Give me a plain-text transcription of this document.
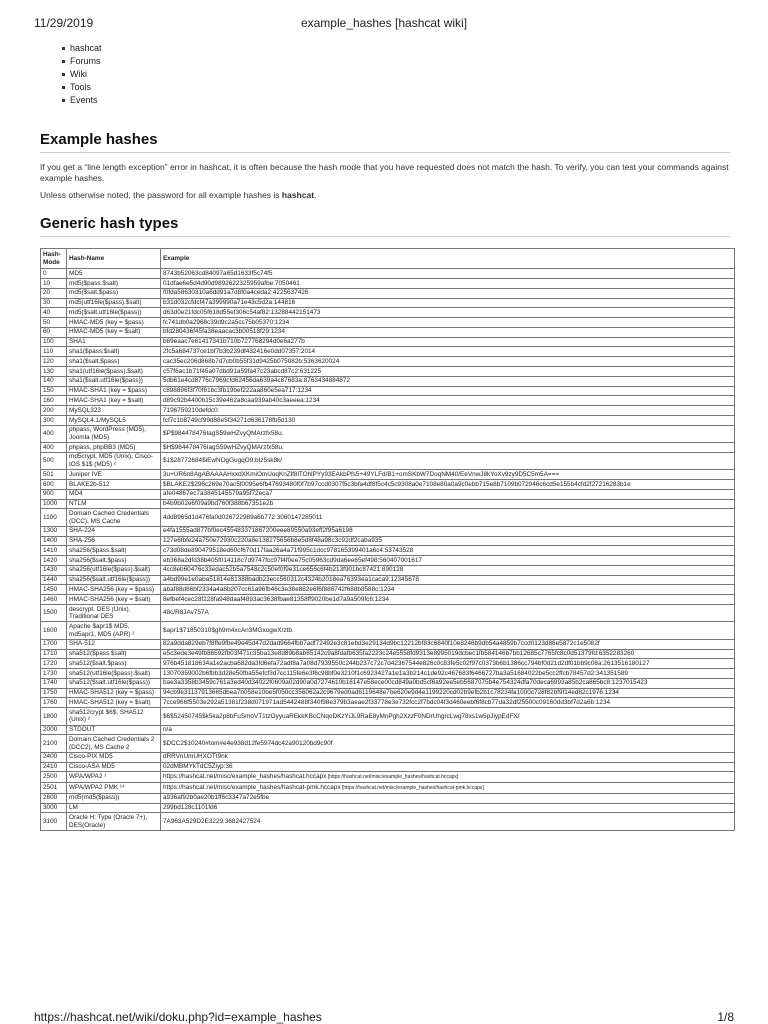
11/29/2019	example_hashes [hashcat wiki]
hashcat
Forums
Wiki
Tools
Events
Example hashes

If you get a “line length exception” error in hashcat, it is often because the hash mode that you have requested does not match the hash. To verify, you can test your commands against example hashes.

Unless otherwise noted, the password for all example hashes is hashcat.

Generic hash types
Hash-Mode	Hash-Name	Example
0	MD5	8743b52063cd84097a65d1633f5c74f5
10	md5($pass.$salt)	01dfae6e5d4d90d9892622325959afbe:7050461
20	md5($salt.$pass)	f0fda58630310a6dd91a7d8f0a4ceda2:4225637426
30	md5(utf16le($pass).$salt)	b31d032cfdcf47a399990a71e43c5d2a:144816
40	md5($salt.utf16le($pass))	d63d0e21fdc05f618d55ef306c54af82:13288442151473
50	HMAC-MD5 (key = $pass)	fc741db0a2968c39d9c2a5cc75b05370:1234
60	HMAC-MD5 (key = $salt)	bfd280436f45fa38eaacac3b00518f29:1234
100	SHA1	b89eaac7e61417341b710b727768294d0e6a277b
110	sha1($pass.$salt)	2fc5a684737ce1bf7b3b239df432416e0dd07357:2014
120	sha1($salt.$pass)	cac35ec206d868b7d7cb0b55f31d9425b075082b:5363620024
130	sha1(utf16le($pass).$salt)	c57f6ac1b71f45a07dbd91a59fa47c23abcd87c2:631225
140	sha1($salt.utf16le($pass))	5db61e4cd8776c7969cfd62456da639a4c87683a:8763434884872
150	HMAC-SHA1 (key = $pass)	c898896f3f70f61bc3fb19bef222aa860e5ea717:1234
160	HMAC-SHA1 (key = $salt)	d89c92b4400b15c39e462a8caa939ab40c3aeeea:1234
200	MySQL323	7196759210defdc0
300	MySQL4.1/MySQL5	fcf7c1b8749cf99d88e5f34271d636178fb5d130
400	phpass, WordPress (MD5), Joomla (MD5)	$P$984478476IagS59wHZvyQMArzfx58u.
400	phpass, phpBB3 (MD5)	$H$984478476IagS59wHZvyQMArzfx58u.
500	md5crypt, MD5 (Unix), Cisco-IOS $1$ (MD5) ²	$1$28772684$iEwNOgGugqO9.bIz5sk8k/
501	Juniper IVE	3u+UR6n8AgABAAAAHxxdXKmiOmUoqKnZlf8lTOhlPYy93EAkbPfs5+49YLFd/B1+omSKbW7DoqNM40/EeVnwJ8kYoXv9zy9D5C5m5A===
600	BLAKE2b-512	$BLAKE2$296c269e70ac5f0095e6fb47693480f0f7b97ccd0307f5c3bfa4df8f5c4c5c9308a0e7108e80a0a9c0ebb715e8b7109b072046c6cd5e155b4cfd2f27216283b1e
900	MD4	afe04867ec7a3845145579a95f72eca7
1000	NTLM	b4b9b02e6f09a9bd760f388b67351e2b
1100	Domain Cached Credentials (DCC), MS Cache	4dd8965d1d476fa0d026722989a6b772:3060147285011
1300	SHA-224	e4fa1555ad877bf0ec455483371867200eee89550a93eff2f95a6198
1400	SHA-256	127e6fbfe24a750e72930c220a8e138275656b8e5d8f48a98c3c92df2caba935
1410	sha256($pass.$salt)	c73d08de890479518ed60cf670d17faa26a4a71f995c1dcc978165399401a6c4:53743528
1420	sha256($salt.$pass)	eb368a2dfd38b405f014118c7d9747fcc97f4f0ee75c05963cd9da6ee65ef498:560407001617
1430	sha256(utf16le($pass).$salt)	4cc8eb60476c33edac52b5a7548c2c50ef0f9e31ce656c6f4b213f901bc87421:890128
1440	sha256($salt.utf16le($pass))	a4bd99e1e0aba51814e81388badb23ecc560312c4324b2018ea76393ea1caca9:12345678
1450	HMAC-SHA256 (key = $pass)	abaf88d66bf2334a4a8b207cc61a96fb46c3e38e882e6f6f886742f688b8588c:1234
1460	HMAC-SHA256 (key = $salt)	8efbef4cec28f228fa948daaf4893ac3638fbae81358ff9020be1d7a9a509fc6:1234
1500	descrypt, DES (Unix), Traditional DES	48c/R8JAv757A
1600	Apache $apr1$ MD5, md5apr1, MD5 (APR) ²	$apr1$71850310$gh9m4xcAn3MGxogwX/ztb.
1700	SHA-512	82a9dda829eb7f8ffe9fbe49e45d47d2dad9664fbb7adf72492e3c81ebd3e29134d9bc12212bf83c6840f10e8246b9db54a4859b7ccd0123d86e5872c1e5082f
1710	sha512($pass.$salt)	e5c3ede3e49fb86592fb03f471c35ba13e8d89b8ab65142c9a8fdafb635fa2223c24e5558fd9313e8995019dcbec1fb584146b7bb12685c7765fc8c0d51379fd:6352283260
1720	sha512($salt.$pass)	976b451818634a1e2acba682da3fd6efa72adf8a7a08d7939550c244b237c72c7d42367544e826c0c83fe5c02f97c0373b6b1386cc794bf0d21d2df01bb9c08a:2613516180127
1730	sha512(utf16le($pass).$salt)	13070359002b6fbb3d28e50fba55efcf3d7cc115fe6e3f6c98bf0e3210f1c6923427a1e1a3b214c1de92c467683f6466727ba3a51684022be5cc2ffcb78457d2:341351589
1740	sha512($salt.utf16le($pass))	bae3a3358b3459c761a3ed40d34022f0609a02d90a0d7274610b16147e58ece00cd849a0bd5cf6a92ee5eb5687075b4e754324dfa70deca6993a85b2ca865bc8:1237015423
1750	HMAC-SHA512 (key = $pass)	94cb9e31137913665dbea7b058e10be5f050cc356062a2c9679ed0ad6119648e7be620e9d4e1199220cd02b9efb2b1c78234fa1000c728f82bf9f14ed82c1976:1234
1760	HMAC-SHA512 (key = $salt)	7cce966f5503e292a51381f238d071971ad5442488f340f98e379b3aeae2f33778e3e732fcc2f7bdc04f3d460eebf6f8cb77da32df25500c09160dd3bf7d2a6b:1234
1800	sha512crypt $6$, SHA512 (Unix) ²	$6$52450745$k5ka2p8bFuSmoVT1tzOyyuaREkkKBcCNqoDKzYiJL9RaE8yMnPgh2XzzF0NDrUhgrcLwg78xs1w5pJiypEdFX/
2000	STDOUT	n/a
2100	Domain Cached Credentials 2 (DCC2), MS Cache 2	$DCC2$10240#tom#e4e938d12fe5974dc42a90120bd9c90f
2400	Cisco-PIX MD5	dRRVnUmUHXOTt9nk
2410	Cisco-ASA MD5	02dMBMYkTdC5Ziyp:36
2500	WPA/WPA2 ¹	https://hashcat.net/misc/example_hashes/hashcat.hccapx [https://hashcat.net/misc/example_hashes/hashcat.hccapx]
2501	WPA/WPA2 PMK ¹⁴	https://hashcat.net/misc/example_hashes/hashcat-pmk.hccapx [https://hashcat.net/misc/example_hashes/hashcat-pmk.hccapx]
2600	md5(md5($pass))	a936af92b0ae20b1ff6c3347a72e5fbe
3000	LM	299bd128c1101fd6
3100	Oracle H: Type (Oracle 7+), DES(Oracle)	7A963A529D2E3229:3682427524
https://hashcat.net/wiki/doku.php?id=example_hashes	1/8
